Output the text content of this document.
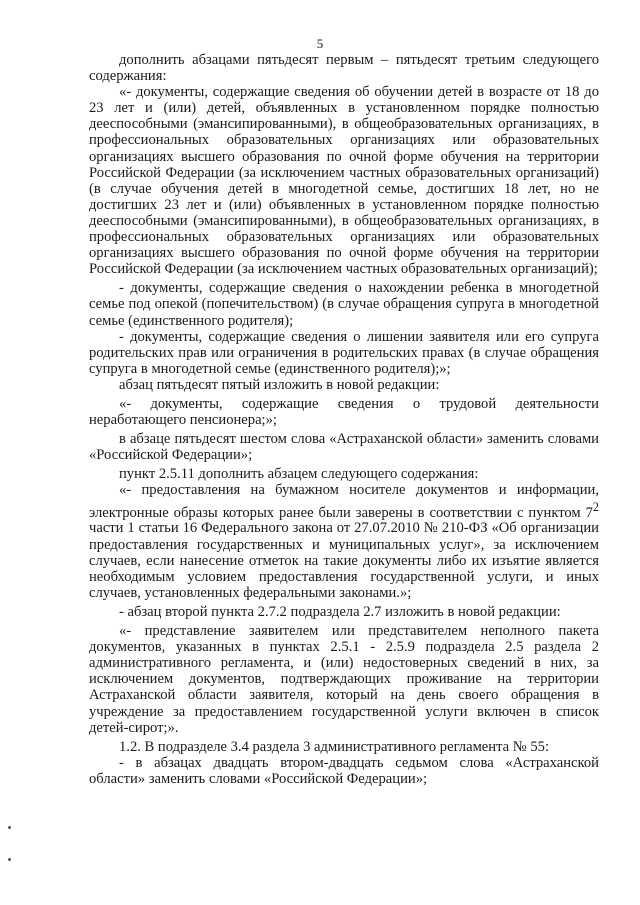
5

дополнить абзацами пятьдесят первым – пятьдесят третьим следующего содержания:

«- документы, содержащие сведения об обучении детей в возрасте от 18 до 23 лет и (или) детей, объявленных в установленном порядке полностью дееспособными (эмансипированными), в общеобразовательных организациях, в профессиональных образовательных организациях или образовательных организациях высшего образования по очной форме обучения на территории Российской Федерации (за исключением частных образовательных организаций) (в случае обучения детей в многодетной семье, достигших 18 лет, но не достигших 23 лет и (или) объявленных в установленном порядке полностью дееспособными (эмансипированными), в общеобразовательных организациях, в профессиональных образовательных организациях или образовательных организациях высшего образования по очной форме обучения на территории Российской Федерации (за исключением частных образовательных организаций);

- документы, содержащие сведения о нахождении ребенка в многодетной семье под опекой (попечительством) (в случае обращения супруга в многодетной семье (единственного родителя);

- документы, содержащие сведения о лишении заявителя или его супруга родительских прав или ограничения в родительских правах (в случае обращения супруга в многодетной семье (единственного родителя);»;

абзац пятьдесят пятый изложить в новой редакции:

«- документы, содержащие сведения о трудовой деятельности неработающего пенсионера;»;

в абзаце пятьдесят шестом слова «Астраханской области» заменить словами «Российской Федерации»;

пункт 2.5.11 дополнить абзацем следующего содержания:

«- предоставления на бумажном носителе документов и информации, электронные образы которых ранее были заверены в соответствии с пунктом $7^2$ части 1 статьи 16 Федерального закона от 27.07.2010 № 210-ФЗ «Об организации предоставления государственных и муниципальных услуг», за исключением случаев, если нанесение отметок на такие документы либо их изъятие является необходимым условием предоставления государственной услуги, и иных случаев, установленных федеральными законами.»;

- абзац второй пункта 2.7.2 подраздела 2.7 изложить в новой редакции:

«- представление заявителем или представителем неполного пакета документов, указанных в пунктах 2.5.1 - 2.5.9 подраздела 2.5 раздела 2 административного регламента, и (или) недостоверных сведений в них, за исключением документов, подтверждающих проживание на территории Астраханской области заявителя, который на день своего обращения в учреждение за предоставлением государственной услуги включен в список детей-сирот;».

1.2. В подразделе 3.4 раздела 3 административного регламента № 55:

- в абзацах двадцать втором-двадцать седьмом слова «Астраханской области» заменить словами «Российской Федерации»;
